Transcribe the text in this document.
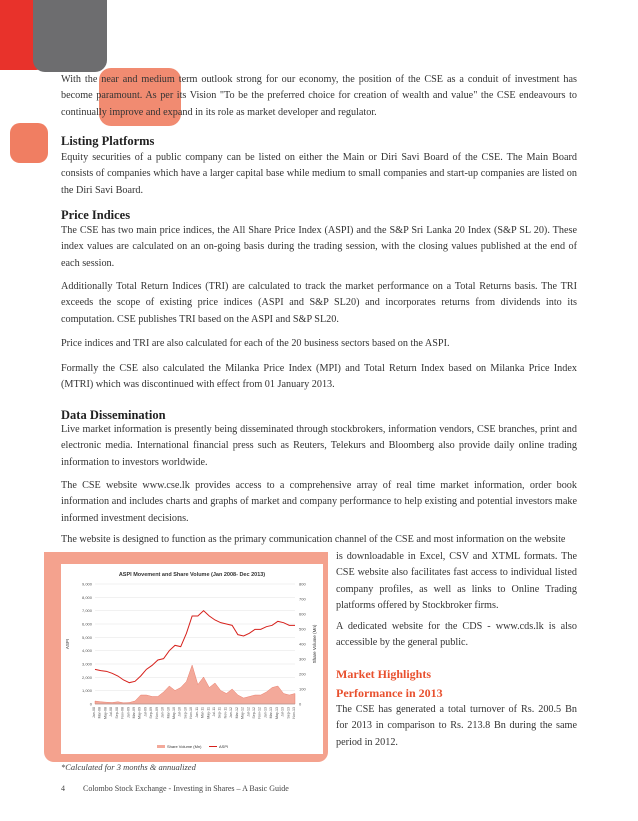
With the near and medium term outlook strong for our economy, the position of the CSE as a conduit of investment has become paramount. As per its Vision "To be the preferred choice for creation of wealth and value" the CSE endeavours to continually improve and expand in its role as market developer and regulator.

Listing Platforms

Equity securities of a public company can be listed on either the Main or Diri Savi Board of the CSE. The Main Board consists of companies which have a larger capital base while medium to small companies and start-up companies are listed on the Diri Savi Board.

Price Indices

The CSE has two main price indices, the All Share Price Index (ASPI) and the S&P Sri Lanka 20 Index (S&P SL 20). These index values are calculated on an on-going basis during the trading session, with the closing values published at the end of each session.

Additionally Total Return Indices (TRI) are calculated to track the market performance on a Total Returns basis. The TRI exceeds the scope of existing price indices (ASPI and S&P SL20) and incorporates returns from dividends into its computation. CSE publishes TRI based on the ASPI and S&P SL20.

Price indices and TRI are also calculated for each of the 20 business sectors based on the ASPI.

Formally the CSE also calculated the Milanka Price Index (MPI) and Total Return Index based on Milanka Price Index (MTRI) which was discontinued with effect from 01 January 2013.

Data Dissemination

Live market information is presently being disseminated through stockbrokers, information vendors, CSE branches, print and electronic media. International financial press such as Reuters, Telekurs and Bloomberg also provide daily online trading information to investors worldwide.

The CSE website www.cse.lk provides access to a comprehensive array of real time market information, order book information and includes charts and graphs of market and company performance to help existing and potential investors make informed investment decisions.

The website is designed to function as the primary communication channel of the CSE and most information on the website

ASPI Movement and Share Volume (Jan 2008- Dec 2013)
0
1,000
2,000
3,000
4,000
5,000
6,000
7,000
8,000
9,000
0
100
200
300
400
500
600
700
800
ASPI	Share Volume (Mn)
Jan-08 Mar-08 May-08 Jul-08 Sep-08 Nov-08 Jan-09 Mar-09 May-09 Jul-09 Sep-09 Nov-09 Jan-10 Mar-10 May-10 Jul-10 Sep-10 Nov-10 Jan-11 Mar-11 May-11 Jul-11 Sep-11 Nov-11 Jan-12 Mar-12 May-12 Jul-12 Sep-12 Nov-12 Jan-13 Mar-13 May-13 Jul-13 Sep-13 Nov-13
Share Volume (Mn)	ASPI

is downloadable in Excel, CSV and XTML formats. The CSE website also facilitates fast access to individual listed company profiles, as well as links to Online Trading platforms offered by Stockbroker firms.

A dedicated website for the CDS - www.cds.lk is also accessible by the general public.

Market Highlights

Performance in 2013

The CSE has generated a total turnover of Rs. 200.5 Bn for 2013 in comparison to Rs. 213.8 Bn during the same period in 2012.

*Calculated for 3 months & annualized
4 Colombo Stock Exchange - Investing in Shares – A Basic Guide
